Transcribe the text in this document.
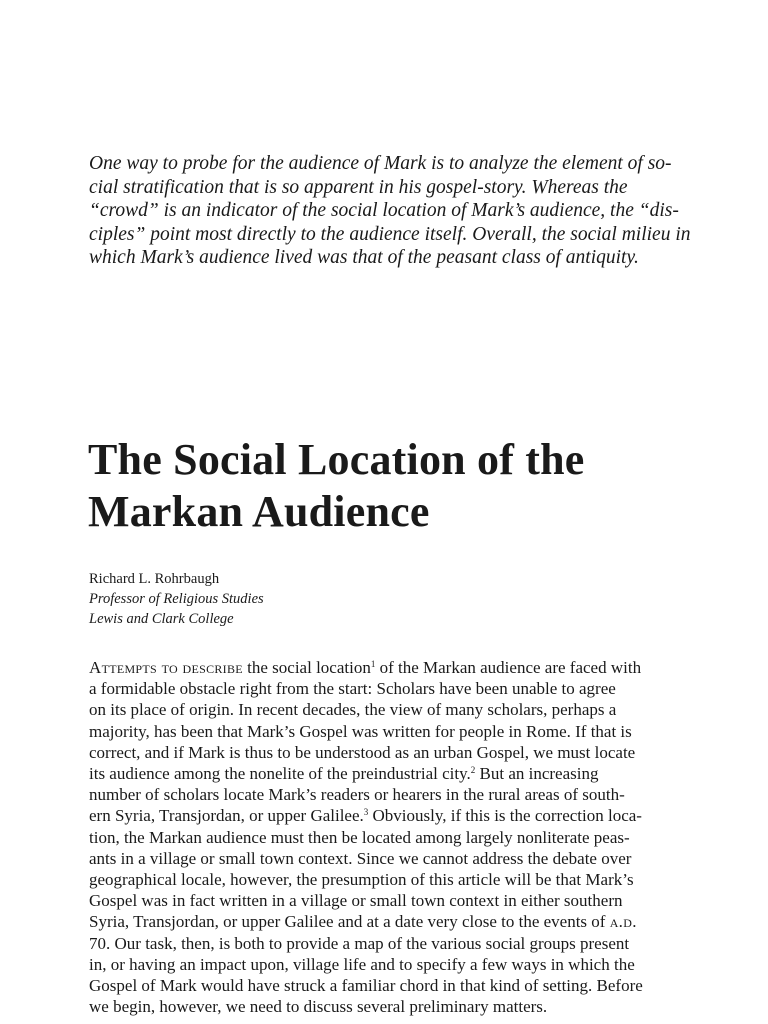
One way to probe for the audience of Mark is to analyze the element of so-
cial stratification that is so apparent in his gospel-story. Whereas the
“crowd” is an indicator of the social location of Mark’s audience, the “dis-
ciples” point most directly to the audience itself. Overall, the social milieu in
which Mark’s audience lived was that of the peasant class of antiquity.

The Social Location of the
Markan Audience
Richard L. Rohrbaugh
Professor of Religious Studies
Lewis and Clark College
Attempts to describe the social location$^1$ of the Markan audience are faced with
a formidable obstacle right from the start: Scholars have been unable to agree
on its place of origin. In recent decades, the view of many scholars, perhaps a
majority, has been that Mark’s Gospel was written for people in Rome. If that is
correct, and if Mark is thus to be understood as an urban Gospel, we must locate
its audience among the nonelite of the preindustrial city.$^2$ But an increasing
number of scholars locate Mark’s readers or hearers in the rural areas of south-
ern Syria, Transjordan, or upper Galilee.$^3$ Obviously, if this is the correction loca-
tion, the Markan audience must then be located among largely nonliterate peas-
ants in a village or small town context. Since we cannot address the debate over
geographical locale, however, the presumption of this article will be that Mark’s
Gospel was in fact written in a village or small town context in either southern
Syria, Transjordan, or upper Galilee and at a date very close to the events of a.d.
70. Our task, then, is both to provide a map of the various social groups present
in, or having an impact upon, village life and to specify a few ways in which the
Gospel of Mark would have struck a familiar chord in that kind of setting. Before
we begin, however, we need to discuss several preliminary matters.
